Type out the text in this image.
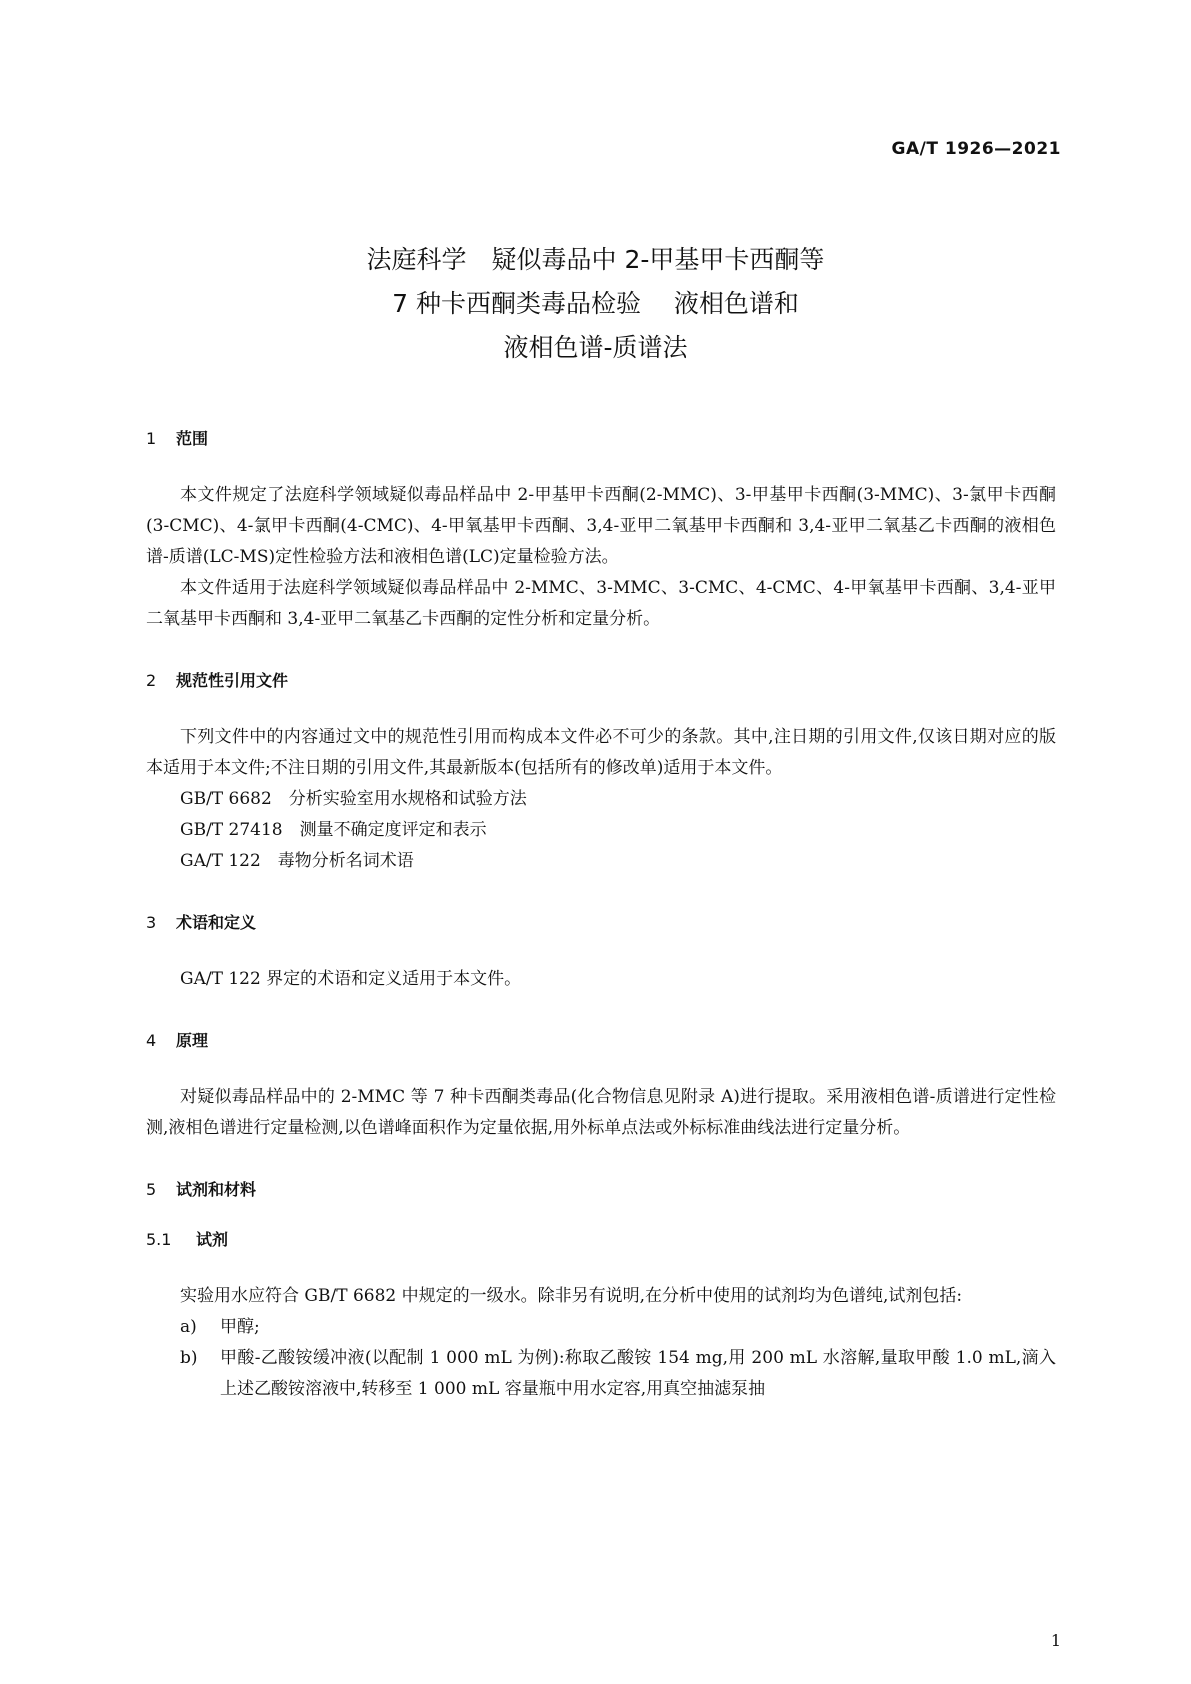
GA/T 1926—2021
法庭科学　疑似毒品中 2-甲基甲卡西酮等
7 种卡西酮类毒品检验　 液相色谱和
液相色谱-质谱法
1 范围

本文件规定了法庭科学领域疑似毒品样品中 2-甲基甲卡西酮(2-MMC)、3-甲基甲卡西酮(3-MMC)、3-氯甲卡西酮(3-CMC)、4-氯甲卡西酮(4-CMC)、4-甲氧基甲卡西酮、3,4-亚甲二氧基甲卡西酮和 3,4-亚甲二氧基乙卡西酮的液相色谱-质谱(LC-MS)定性检验方法和液相色谱(LC)定量检验方法。

本文件适用于法庭科学领域疑似毒品样品中 2-MMC、3-MMC、3-CMC、4-CMC、4-甲氧基甲卡西酮、3,4-亚甲二氧基甲卡西酮和 3,4-亚甲二氧基乙卡西酮的定性分析和定量分析。

2 规范性引用文件

下列文件中的内容通过文中的规范性引用而构成本文件必不可少的条款。其中,注日期的引用文件,仅该日期对应的版本适用于本文件;不注日期的引用文件,其最新版本(包括所有的修改单)适用于本文件。

GB/T 6682　分析实验室用水规格和试验方法
GB/T 27418　测量不确定度评定和表示
GA/T 122　毒物分析名词术语
3 术语和定义

GA/T 122 界定的术语和定义适用于本文件。

4 原理

对疑似毒品样品中的 2-MMC 等 7 种卡西酮类毒品(化合物信息见附录 A)进行提取。采用液相色谱-质谱进行定性检测,液相色谱进行定量检测,以色谱峰面积作为定量依据,用外标单点法或外标标准曲线法进行定量分析。

5 试剂和材料
5.1 试剂

实验用水应符合 GB/T 6682 中规定的一级水。除非另有说明,在分析中使用的试剂均为色谱纯,试剂包括:

a) 甲醇;
b) 甲酸-乙酸铵缓冲液(以配制 1 000 mL 为例):称取乙酸铵 154 mg,用 200 mL 水溶解,量取甲酸 1.0 mL,滴入上述乙酸铵溶液中,转移至 1 000 mL 容量瓶中用水定容,用真空抽滤泵抽
1
